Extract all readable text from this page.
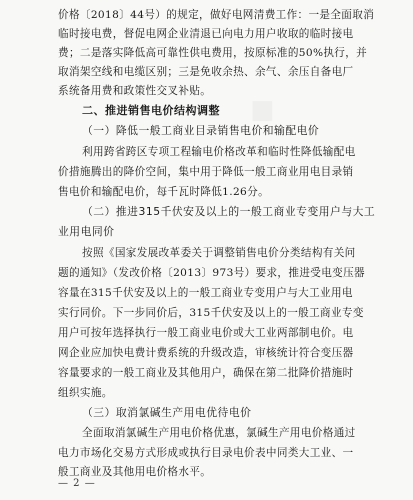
价格〔2018〕44号）的规定，做好电网清费工作：一是全面取消
临时接电费，督促电网企业清退已向电力用户收取的临时接电
费；二是落实降低高可靠性供电费用，按原标准的50%执行，并
取消架空线和电缆区别；三是免收余热、余气、余压自备电厂
系统备用费和政策性交叉补贴。
二、推进销售电价结构调整
（一）降低一般工商业目录销售电价和输配电价
利用跨省跨区专项工程输电价格改革和临时性降低输配电
价措施腾出的降价空间，集中用于降低一般工商业用电目录销
售电价和输配电价，每千瓦时降低1.26分。
（二）推进315千伏安及以上的一般工商业专变用户与大工
业用电同价
按照《国家发展改革委关于调整销售电价分类结构有关问
题的通知》（发改价格〔2013〕973号）要求，推进受电变压器
容量在315千伏安及以上的一般工商业专变用户与大工业用电
实行同价。下一步同价后，315千伏安及以上的一般工商业专变
用户可按年选择执行一般工商业电价或大工业两部制电价。电
网企业应加快电费计费系统的升级改造，审核统计符合变压器
容量要求的一般工商业及其他用户，确保在第二批降价措施时
组织实施。
（三）取消氯碱生产用电优待电价
全面取消氯碱生产用电价格优惠，氯碱生产用电价格通过
电力市场化交易方式形成或执行目录电价表中同类大工业、一
般工商业及其他用电价格水平。
— 2 —
